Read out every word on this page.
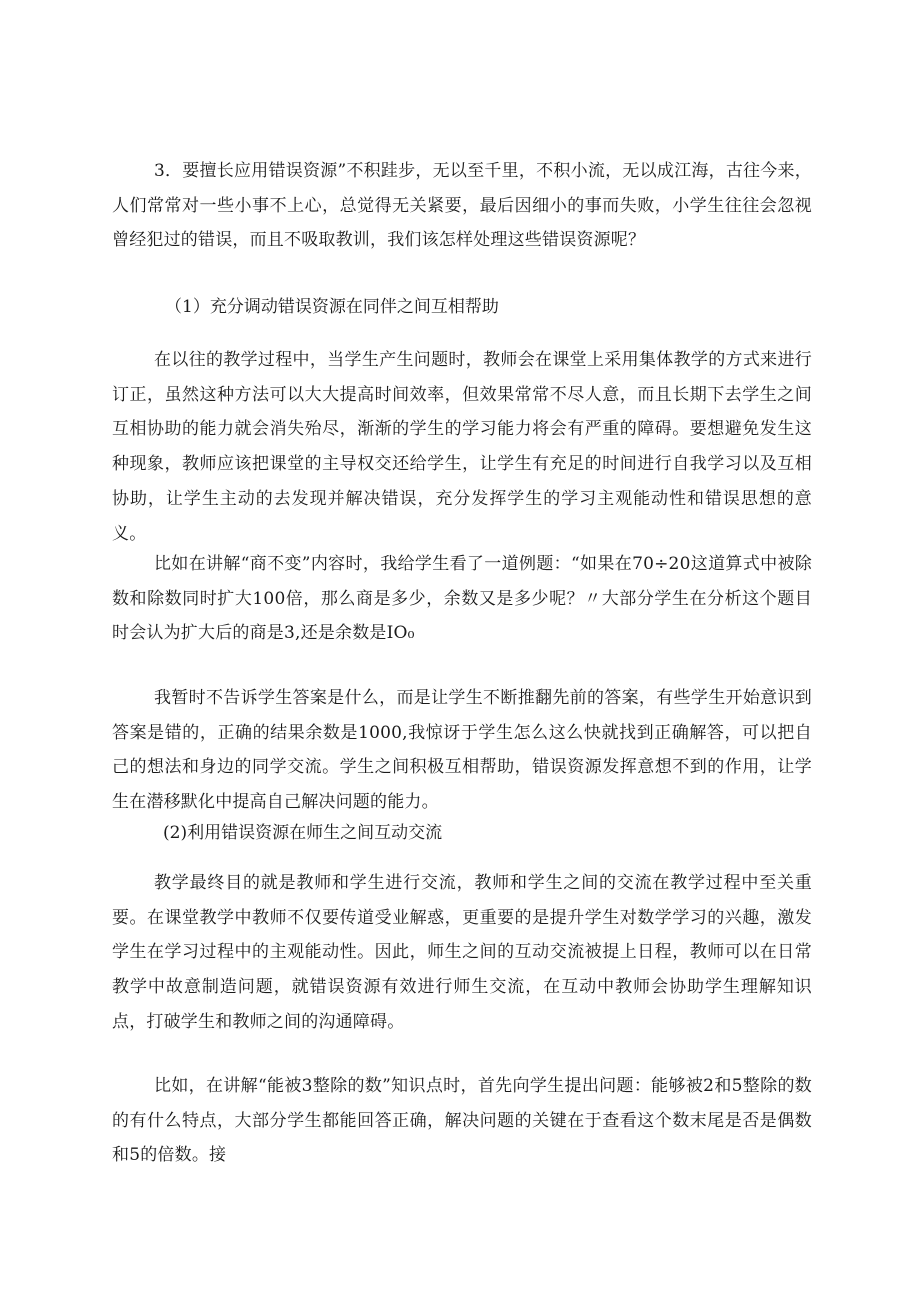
3．要擅长应用错误资源”不积跬步，无以至千里，不积小流，无以成江海，古往今来，人们常常对一些小事不上心，总觉得无关紧要，最后因细小的事而失败，小学生往往会忽视曾经犯过的错误，而且不吸取教训，我们该怎样处理这些错误资源呢？

（1）充分调动错误资源在同伴之间互相帮助

在以往的教学过程中，当学生产生问题时，教师会在课堂上采用集体教学的方式来进行订正，虽然这种方法可以大大提高时间效率，但效果常常不尽人意，而且长期下去学生之间互相协助的能力就会消失殆尽，渐渐的学生的学习能力将会有严重的障碍。要想避免发生这种现象，教师应该把课堂的主导权交还给学生，让学生有充足的时间进行自我学习以及互相协助，让学生主动的去发现并解决错误，充分发挥学生的学习主观能动性和错误思想的意义。

比如在讲解“商不变”内容时，我给学生看了一道例题：“如果在70÷20这道算式中被除数和除数同时扩大100倍，那么商是多少，余数又是多少呢？〃大部分学生在分析这个题目时会认为扩大后的商是3,还是余数是IO₀

我暂时不告诉学生答案是什么，而是让学生不断推翻先前的答案，有些学生开始意识到答案是错的，正确的结果余数是1000,我惊讶于学生怎么这么快就找到正确解答，可以把自己的想法和身边的同学交流。学生之间积极互相帮助，错误资源发挥意想不到的作用，让学生在潜移默化中提高自己解决问题的能力。

(2)利用错误资源在师生之间互动交流

教学最终目的就是教师和学生进行交流，教师和学生之间的交流在教学过程中至关重要。在课堂教学中教师不仅要传道受业解惑，更重要的是提升学生对数学学习的兴趣，激发学生在学习过程中的主观能动性。因此，师生之间的互动交流被提上日程，教师可以在日常教学中故意制造问题，就错误资源有效进行师生交流，在互动中教师会协助学生理解知识点，打破学生和教师之间的沟通障碍。

比如，在讲解“能被3整除的数”知识点时，首先向学生提出问题：能够被2和5整除的数的有什么特点，大部分学生都能回答正确，解决问题的关键在于查看这个数末尾是否是偶数和5的倍数。接
